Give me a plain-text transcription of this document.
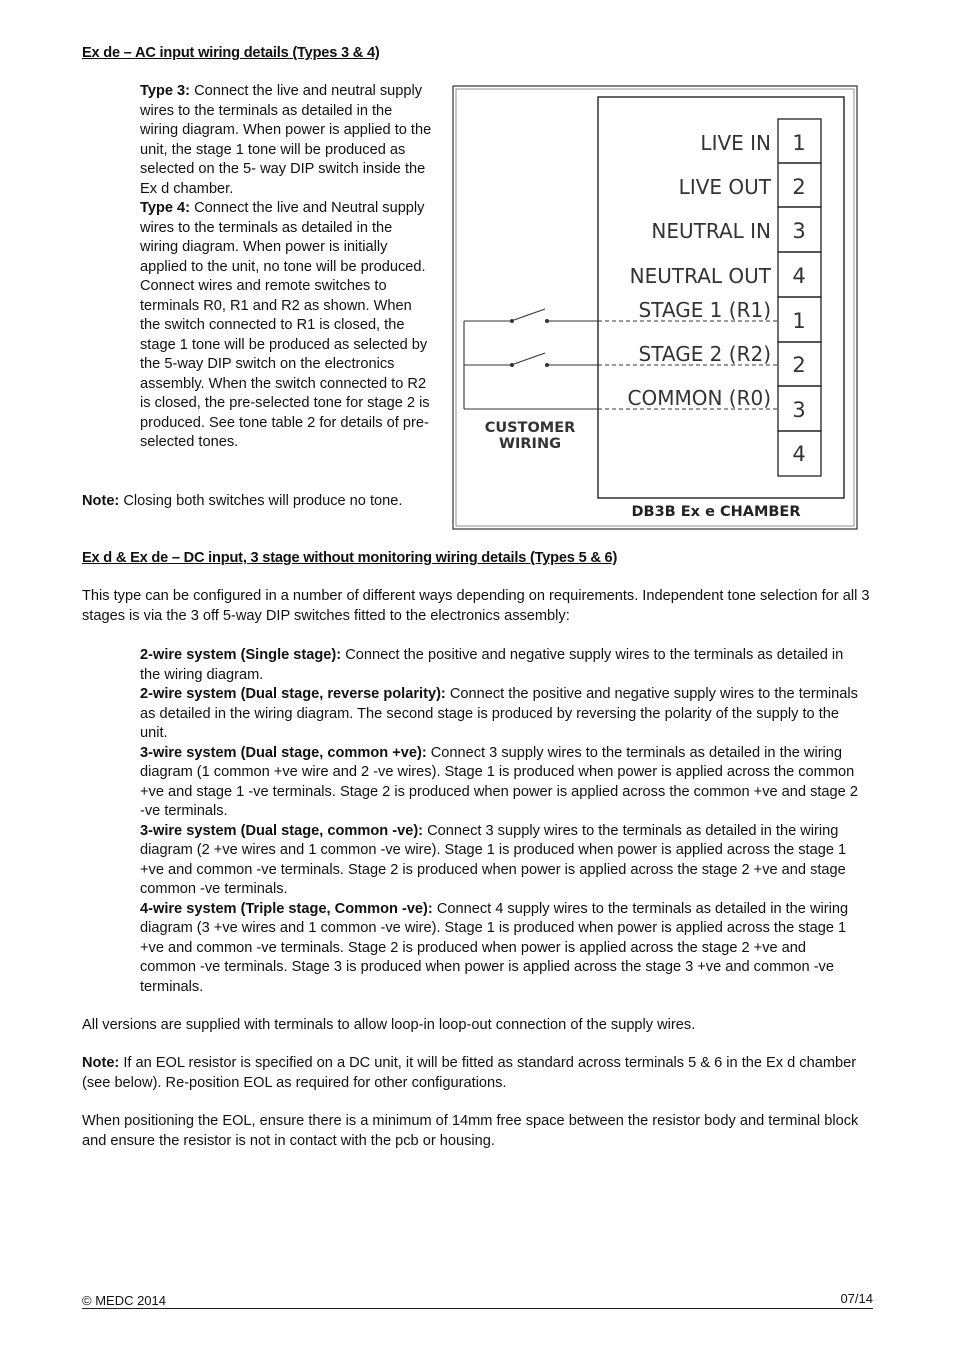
Ex de – AC input wiring details (Types 3 & 4)

Type 3: Connect the live and neutral supply wires to the terminals as detailed in the wiring diagram. When power is applied to the unit, the stage 1 tone will be produced as selected on the 5- way DIP switch inside the Ex d chamber.

Type 4: Connect the live and Neutral supply wires to the terminals as detailed in the wiring diagram. When power is initially applied to the unit, no tone will be produced. Connect wires and remote switches to terminals R0, R1 and R2 as shown. When the switch connected to R1 is closed, the stage 1 tone will be produced as selected by the 5-way DIP switch on the electronics assembly. When the switch connected to R2 is closed, the pre-selected tone for stage 2 is produced. See tone table 2 for details of pre-selected tones.

Note: Closing both switches will produce no tone.

1
2
3
4
1
2
3
4
LIVE IN
LIVE OUT
NEUTRAL IN
NEUTRAL OUT
STAGE 1 (R1)
STAGE 2 (R2)
COMMON (R0)
CUSTOMER
WIRING
DB3B Ex e CHAMBER
Ex d & Ex de – DC input, 3 stage without monitoring wiring details (Types 5 & 6)

This type can be configured in a number of different ways depending on requirements. Independent tone selection for all 3 stages is via the 3 off 5-way DIP switches fitted to the electronics assembly:

2-wire system (Single stage): Connect the positive and negative supply wires to the terminals as detailed in the wiring diagram.

2-wire system (Dual stage, reverse polarity): Connect the positive and negative supply wires to the terminals as detailed in the wiring diagram. The second stage is produced by reversing the polarity of the supply to the unit.

3-wire system (Dual stage, common +ve): Connect 3 supply wires to the terminals as detailed in the wiring diagram (1 common +ve wire and 2 -ve wires). Stage 1 is produced when power is applied across the common +ve and stage 1 -ve terminals. Stage 2 is produced when power is applied across the common +ve and stage 2 -ve terminals.

3-wire system (Dual stage, common -ve): Connect 3 supply wires to the terminals as detailed in the wiring diagram (2 +ve wires and 1 common -ve wire). Stage 1 is produced when power is applied across the stage 1 +ve and common -ve terminals. Stage 2 is produced when power is applied across the stage 2 +ve and stage common -ve terminals.

4-wire system (Triple stage, Common -ve): Connect 4 supply wires to the terminals as detailed in the wiring diagram (3 +ve wires and 1 common -ve wire). Stage 1 is produced when power is applied across the stage 1 +ve and common -ve terminals. Stage 2 is produced when power is applied across the stage 2 +ve and common -ve terminals. Stage 3 is produced when power is applied across the stage 3 +ve and common -ve terminals.

All versions are supplied with terminals to allow loop-in loop-out connection of the supply wires.

Note: If an EOL resistor is specified on a DC unit, it will be fitted as standard across terminals 5 & 6 in the Ex d chamber (see below). Re-position EOL as required for other configurations.

When positioning the EOL, ensure there is a minimum of 14mm free space between the resistor body and terminal block and ensure the resistor is not in contact with the pcb or housing.

© MEDC 2014	07/14
